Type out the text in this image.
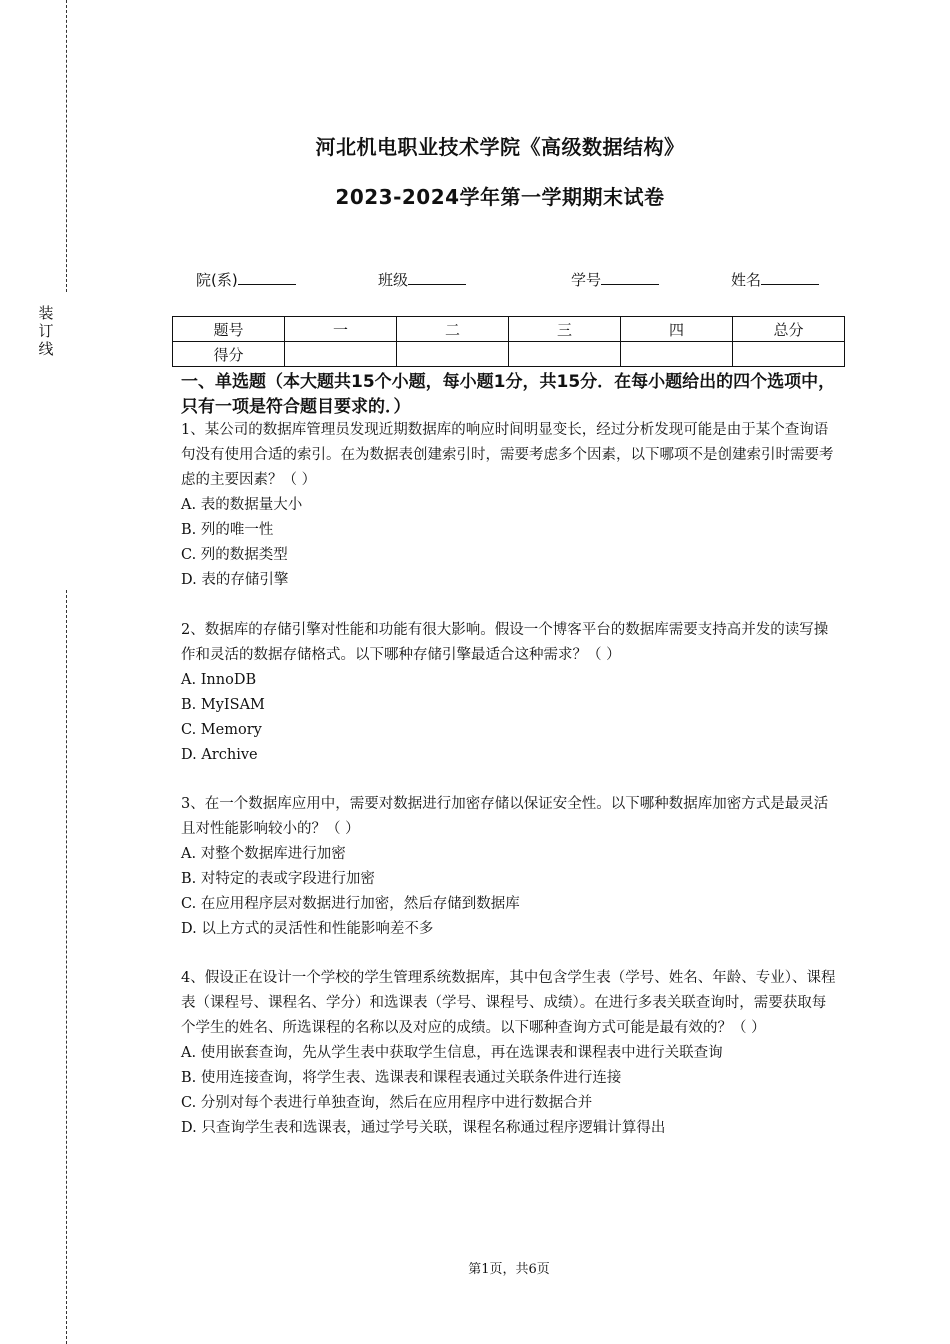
装
订
线
河北机电职业技术学院《高级数据结构》
2023-2024学年第一学期期末试卷
院(系)	班级	学号	姓名
题号	一	二	三	四	总分
得分					
一、单选题（本大题共15个小题，每小题1分，共15分．在每小题给出的四个选项中，只有一项是符合题目要求的．）

1、某公司的数据库管理员发现近期数据库的响应时间明显变长，经过分析发现可能是由于某个查询语句没有使用合适的索引。在为数据表创建索引时，需要考虑多个因素，以下哪项不是创建索引时需要考虑的主要因素？（ ）

A. 表的数据量大小

B. 列的唯一性

C. 列的数据类型

D. 表的存储引擎

2、数据库的存储引擎对性能和功能有很大影响。假设一个博客平台的数据库需要支持高并发的读写操作和灵活的数据存储格式。以下哪种存储引擎最适合这种需求？（ ）

A. InnoDB

B. MyISAM

C. Memory

D. Archive

3、在一个数据库应用中，需要对数据进行加密存储以保证安全性。以下哪种数据库加密方式是最灵活且对性能影响较小的？（ ）

A. 对整个数据库进行加密

B. 对特定的表或字段进行加密

C. 在应用程序层对数据进行加密，然后存储到数据库

D. 以上方式的灵活性和性能影响差不多

4、假设正在设计一个学校的学生管理系统数据库，其中包含学生表（学号、姓名、年龄、专业）、课程表（课程号、课程名、学分）和选课表（学号、课程号、成绩）。在进行多表关联查询时，需要获取每个学生的姓名、所选课程的名称以及对应的成绩。以下哪种查询方式可能是最有效的？（ ）

A. 使用嵌套查询，先从学生表中获取学生信息，再在选课表和课程表中进行关联查询

B. 使用连接查询，将学生表、选课表和课程表通过关联条件进行连接

C. 分别对每个表进行单独查询，然后在应用程序中进行数据合并

D. 只查询学生表和选课表，通过学号关联，课程名称通过程序逻辑计算得出

第1页，共6页
